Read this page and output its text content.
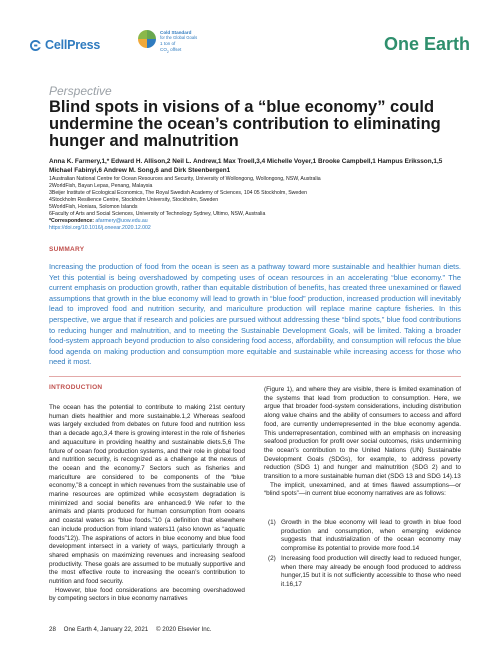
CellPress
Cold Standard
for the Global Goals
1 ton of
$CO_2$ offset	One Earth
Perspective
Blind spots in visions of a “blue economy” could undermine the ocean’s contribution to eliminating hunger and malnutrition
Anna K. Farmery,1,* Edward H. Allison,2 Neil L. Andrew,1 Max Troell,3,4 Michelle Voyer,1 Brooke Campbell,1 Hampus Eriksson,1,5 Michael Fabinyi,6 Andrew M. Song,6 and Dirk Steenbergen1
1Australian National Centre for Ocean Resources and Security, University of Wollongong, Wollongong, NSW, Australia
2WorldFish, Bayan Lepas, Penang, Malaysia
3Beijer Institute of Ecological Economics, The Royal Swedish Academy of Sciences, 104 05 Stockholm, Sweden
4Stockholm Resilience Centre, Stockholm University, Stockholm, Sweden
5WorldFish, Honiara, Solomon Islands
6Faculty of Arts and Social Sciences, University of Technology Sydney, Ultimo, NSW, Australia
*Correspondence: afarmery@uow.edu.au
https://doi.org/10.1016/j.oneear.2020.12.002
SUMMARY

Increasing the production of food from the ocean is seen as a pathway toward more sustainable and healthier human diets. Yet this potential is being overshadowed by competing uses of ocean resources in an accelerating “blue economy.” The current emphasis on production growth, rather than equitable distribution of benefits, has created three unexamined or flawed assumptions that growth in the blue economy will lead to growth in “blue food” production, increased production will inevitably lead to improved food and nutrition security, and mariculture production will replace marine capture fisheries. In this perspective, we argue that if research and policies are pursued without addressing these “blind spots,” blue food contributions to reducing hunger and malnutrition, and to meeting the Sustainable Development Goals, will be limited. Taking a broader food-system approach beyond production to also considering food access, affordability, and consumption will refocus the blue food agenda on making production and consumption more equitable and sustainable while increasing access for those who need it most.

INTRODUCTION

The ocean has the potential to contribute to making 21st century human diets healthier and more sustainable.1,2 Whereas seafood was largely excluded from debates on future food and nutrition less than a decade ago,3,4 there is growing interest in the role of fisheries and aquaculture in providing healthy and sustainable diets.5,6 The future of ocean food production systems, and their role in global food and nutrition security, is recognized as a challenge at the nexus of the ocean and the economy.7 Sectors such as fisheries and mariculture are considered to be components of the “blue economy,”8 a concept in which revenues from the sustainable use of marine resources are optimized while ecosystem degradation is minimized and social benefits are enhanced.9 We refer to the animals and plants produced for human consumption from oceans and coastal waters as “blue foods.”10 (a definition that elsewhere can include production from inland waters11 (also known as “aquatic foods”12)). The aspirations of actors in blue economy and blue food development intersect in a variety of ways, particularly through a shared emphasis on maximizing revenues and increasing seafood productivity. These goals are assumed to be mutually supportive and the most effective route to increasing the ocean’s contribution to nutrition and food security.

However, blue food considerations are becoming overshadowed by competing sectors in blue economy narratives

(Figure 1), and where they are visible, there is limited examination of the systems that lead from production to consumption. Here, we argue that broader food-system considerations, including distribution along value chains and the ability of consumers to access and afford food, are currently underrepresented in the blue economy agenda. This underrepresentation, combined with an emphasis on increasing seafood production for profit over social outcomes, risks undermining the ocean’s contribution to the United Nations (UN) Sustainable Development Goals (SDGs), for example, to address poverty reduction (SDG 1) and hunger and malnutrition (SDG 2) and to transition to a more sustainable human diet (SDG 13 and SDG 14).13

The implicit, unexamined, and at times flawed assumptions—or “blind spots”—in current blue economy narratives are as follows:

(1) Growth in the blue economy will lead to growth in blue food production and consumption, when emerging evidence suggests that industrialization of the ocean economy may compromise its potential to provide more food.14
(2) Increasing food production will directly lead to reduced hunger, when there may already be enough food produced to address hunger,15 but it is not sufficiently accessible to those who need it.16,17
28 One Earth 4, January 22, 2021 © 2020 Elsevier Inc.
